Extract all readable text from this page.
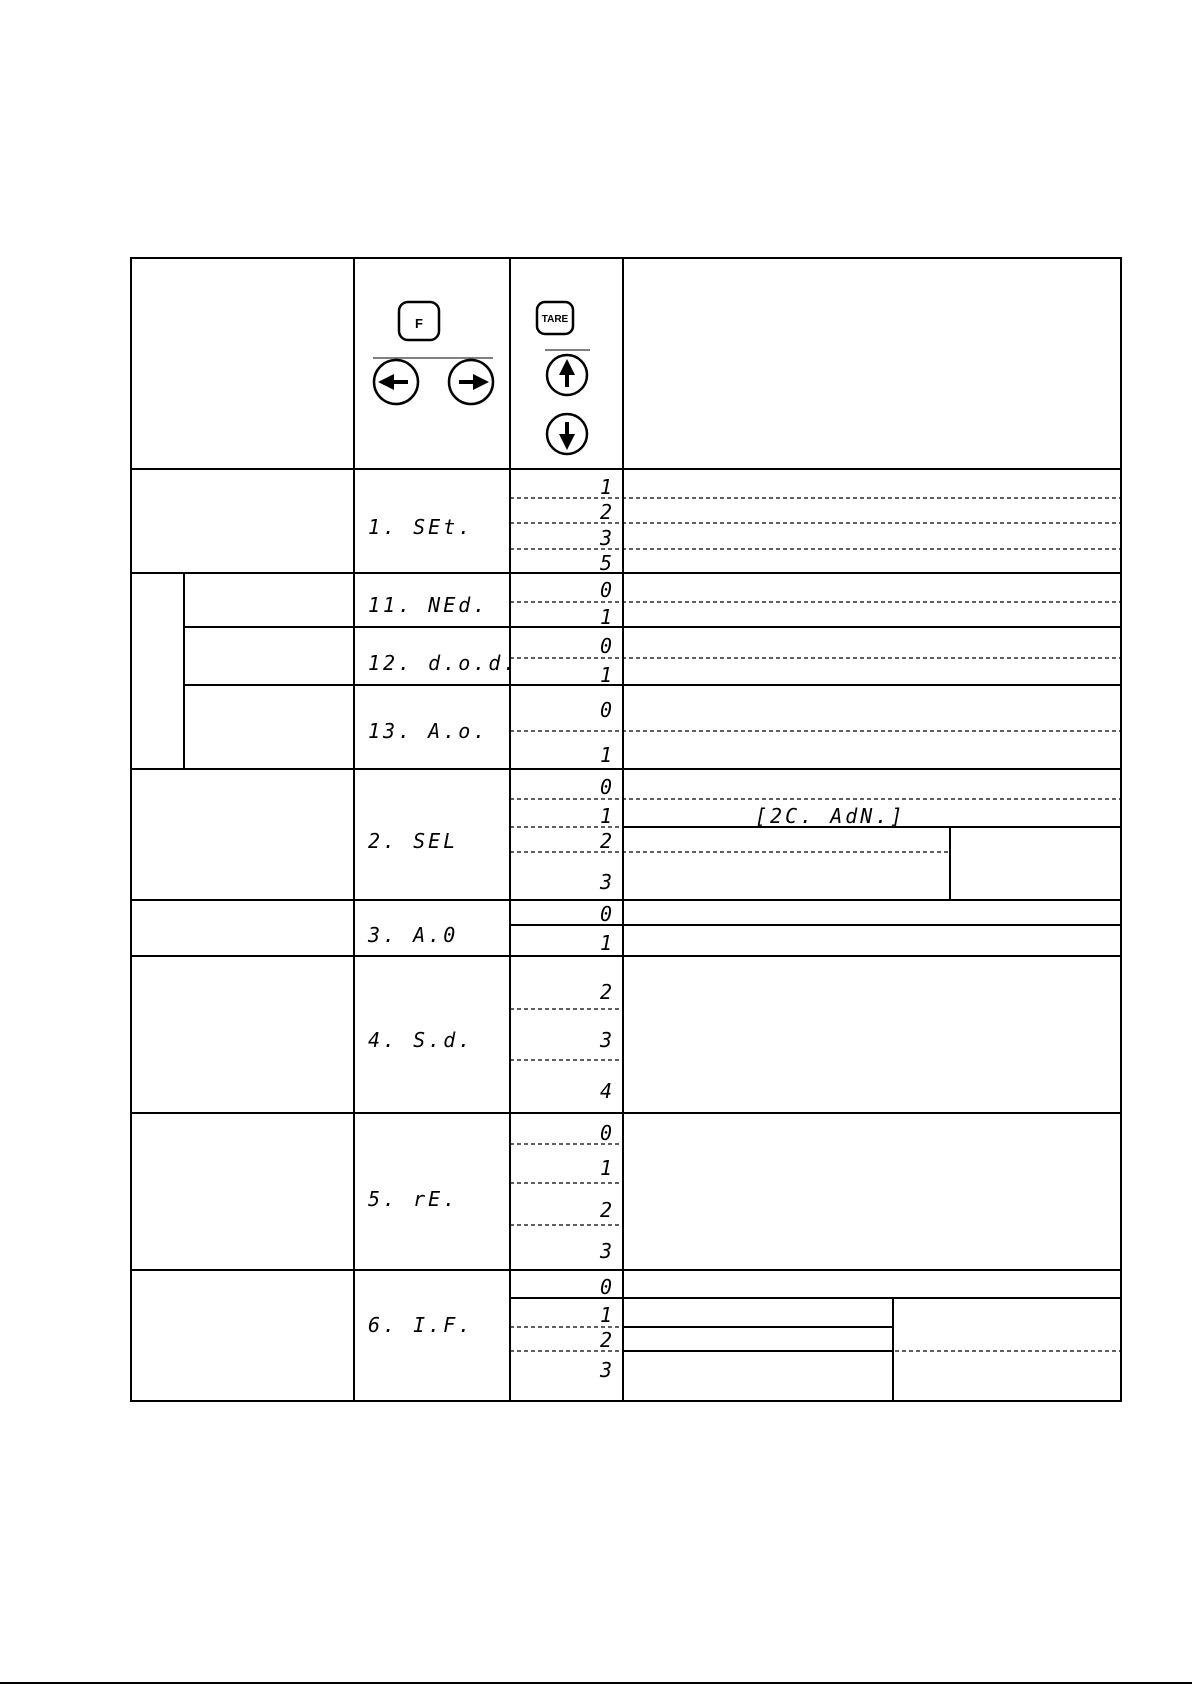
F	TARE
1. SEt.
1
2
3
5
11. NEd.
0
1
12. d.o.d.
0
1
13. A.o.
0
1
2. SEL
0
1	[2C. AdN.]
2
3
3. A.0
0
1
4. S.d.
2
3
4
5. rE.
0
1
2
3
6. I.F.
0
1
2
3
